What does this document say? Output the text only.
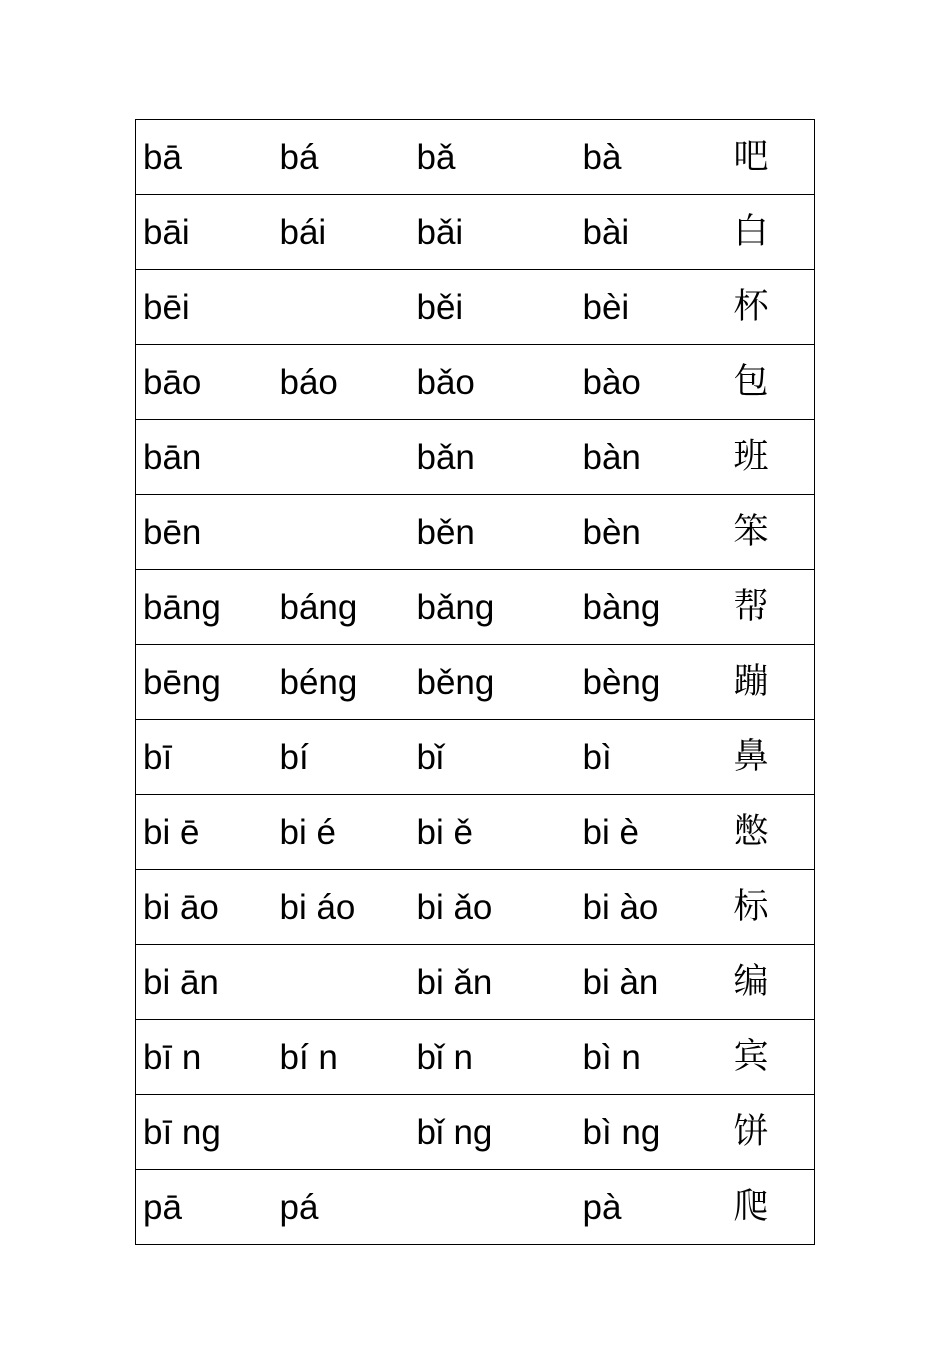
bā	bá	bǎ	bà	吧
bāi	bái	bǎi	bài	白
bēi		běi	bèi	杯
bāo	báo	bǎo	bào	包
bān		bǎn	bàn	班
bēn		běn	bèn	笨
bāng	báng	bǎng	bàng	帮
bēng	béng	běng	bèng	蹦
bī	bí	bǐ	bì	鼻
bi ē	bi é	bi ě	bi è	憋
bi āo	bi áo	bi ǎo	bi ào	标
bi ān		bi ǎn	bi àn	编
bī n	bí n	bǐ n	bì n	宾
bī ng		bǐ ng	bì ng	饼
pā	pá		pà	爬
